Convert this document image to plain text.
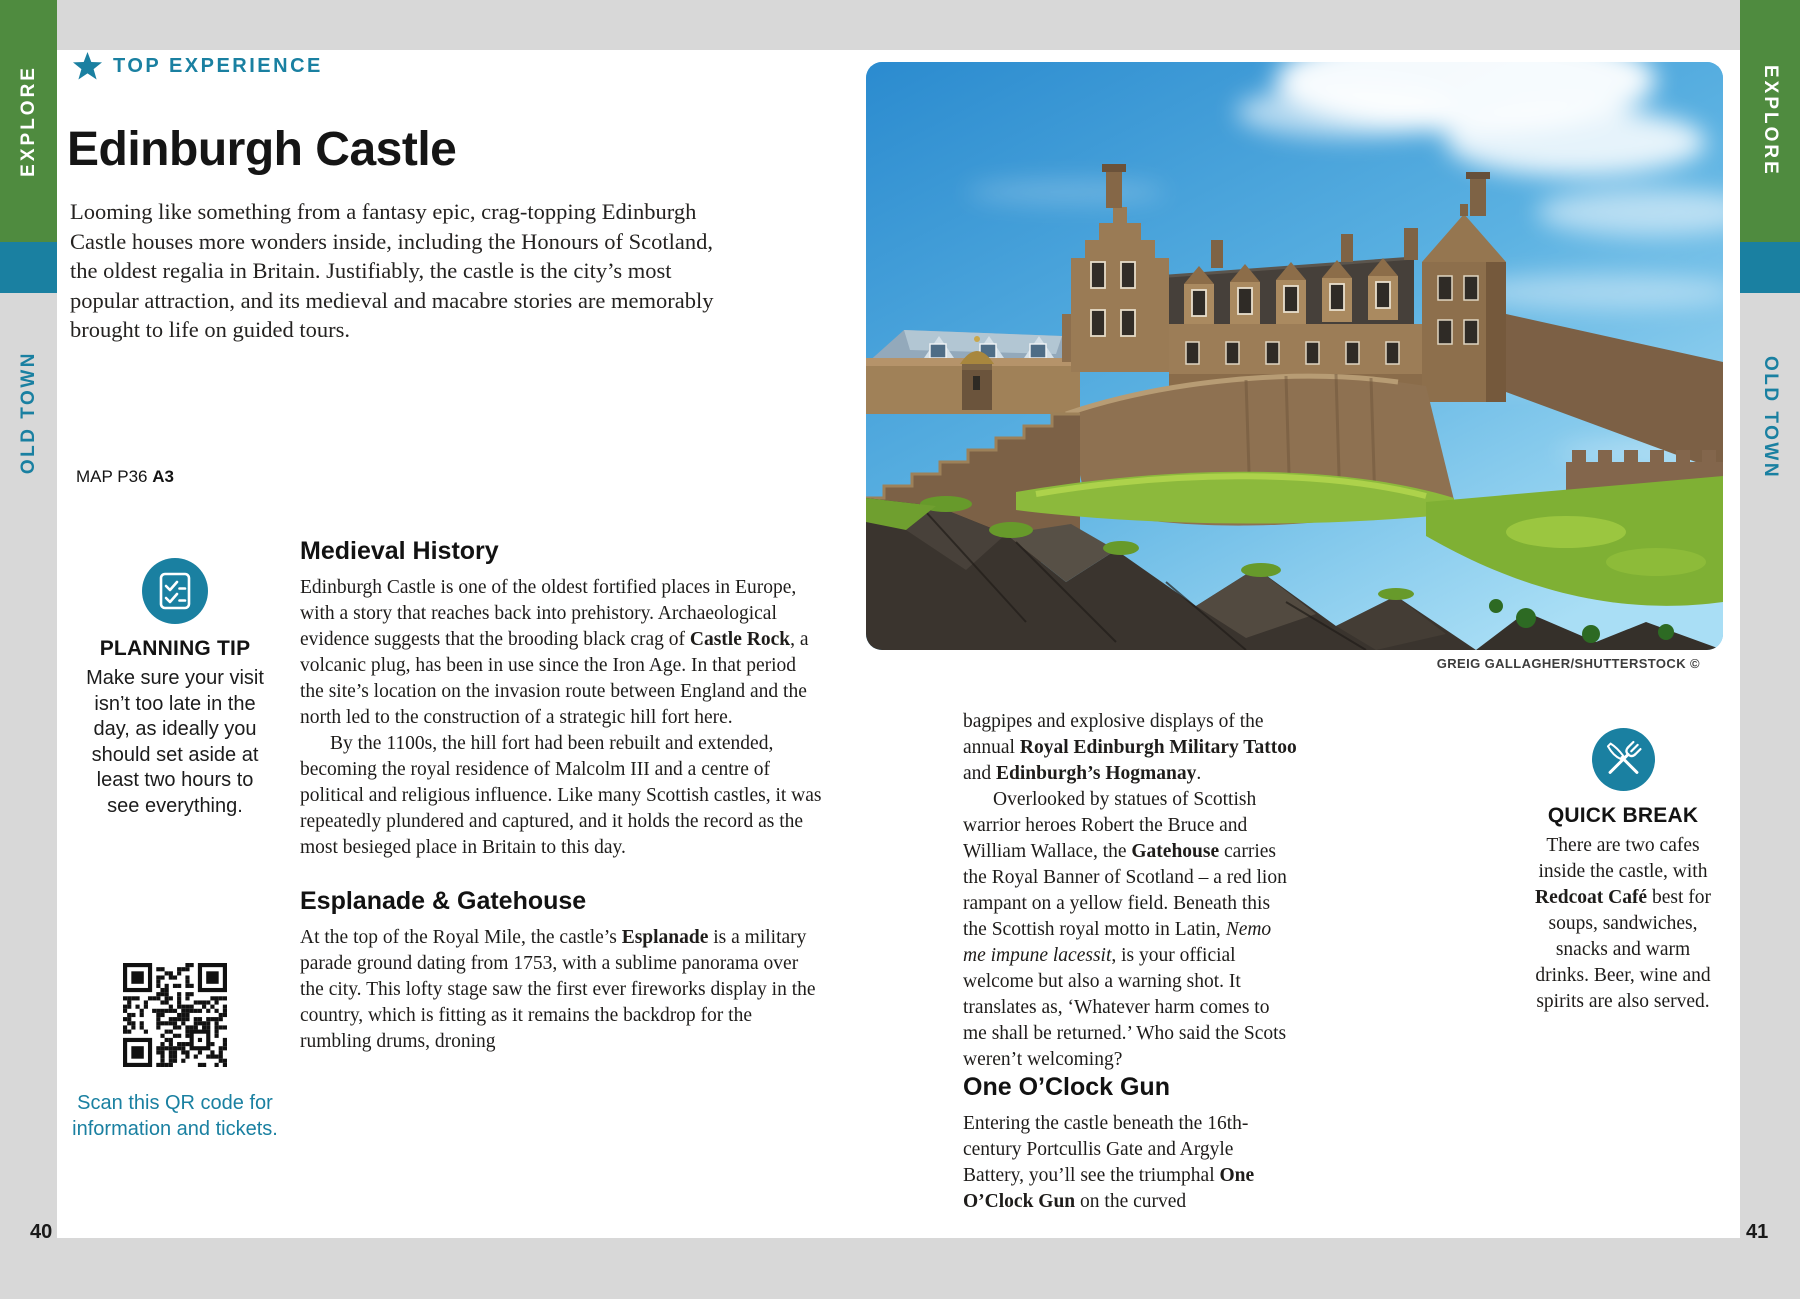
EXPLORE
OLD TOWN
EXPLORE
OLD TOWN
TOP EXPERIENCE
Edinburgh Castle
Looming like something from a fantasy epic, crag-topping Edinburgh Castle houses more wonders inside, including the Honours of Scotland, the oldest regalia in Britain. Justifiably, the castle is the city’s most popular attraction, and its medieval and macabre stories are memorably brought to life on guided tours.
MAP P36 A3
PLANNING TIP
Make sure your visit isn’t too late in the day, as ideally you should set aside at least two hours to see everything.
Scan this QR code for information and tickets.
Medieval History

Edinburgh Castle is one of the oldest fortified places in Europe, with a story that reaches back into prehistory. Archaeological evidence suggests that the brooding black crag of Castle Rock, a volcanic plug, has been in use since the Iron Age. In that period the site’s location on the invasion route between England and the north led to the construction of a strategic hill fort here.

By the 1100s, the hill fort had been rebuilt and extended, becoming the royal residence of Malcolm III and a centre of political and religious influence. Like many Scottish castles, it was repeatedly plundered and captured, and it holds the record as the most besieged place in Britain to this day.

Esplanade & Gatehouse

At the top of the Royal Mile, the castle’s Esplanade is a military parade ground dating from 1753, with a sublime panorama over the city. This lofty stage saw the first ever fireworks display in the country, which is fitting as it remains the backdrop for the rumbling drums, droning

GREIG GALLAGHER/SHUTTERSTOCK ©

bagpipes and explosive displays of the annual Royal Edinburgh Military Tattoo and Edinburgh’s Hogmanay.

Overlooked by statues of Scottish warrior heroes Robert the Bruce and William Wallace, the Gatehouse carries the Royal Banner of Scotland – a red lion rampant on a yellow field. Beneath this the Scottish royal motto in Latin, Nemo me impune lacessit, is your official welcome but also a warning shot. It translates as, ‘Whatever harm comes to me shall be returned.’ Who said the Scots weren’t welcoming?

One O’Clock Gun

Entering the castle beneath the 16th-century Portcullis Gate and Argyle Battery, you’ll see the triumphal One O’Clock Gun on the curved

QUICK BREAK

There are two cafes inside the castle, with Redcoat Café best for soups, sandwiches, snacks and warm drinks. Beer, wine and spirits are also served.

40	41
